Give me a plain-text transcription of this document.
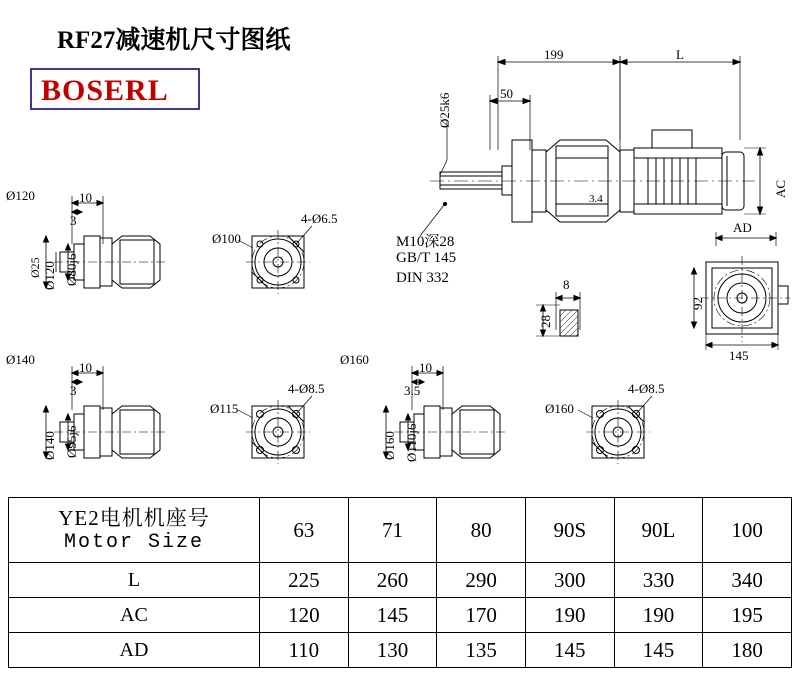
RF27减速机尺寸图纸
BOSERL
199	L
50
Ø25k6
AC
AD
3.4
M10深28
GB/T 145
DIN 332	8
28
92
145
Ø120	10
3
Ø120 Ø80j6
Ø25
Ø100
4-Ø6.5
Ø140
10
3
Ø140 Ø95j6
Ø115
4-Ø8.5
Ø160
10
3.5
Ø160 Ø110j6
Ø160
4-Ø8.5
YE2电机机座号
Motor Size	63	71	80	90S	90L	100
L	225	260	290	300	330	340
AC	120	145	170	190	190	195
AD	110	130	135	145	145	180
